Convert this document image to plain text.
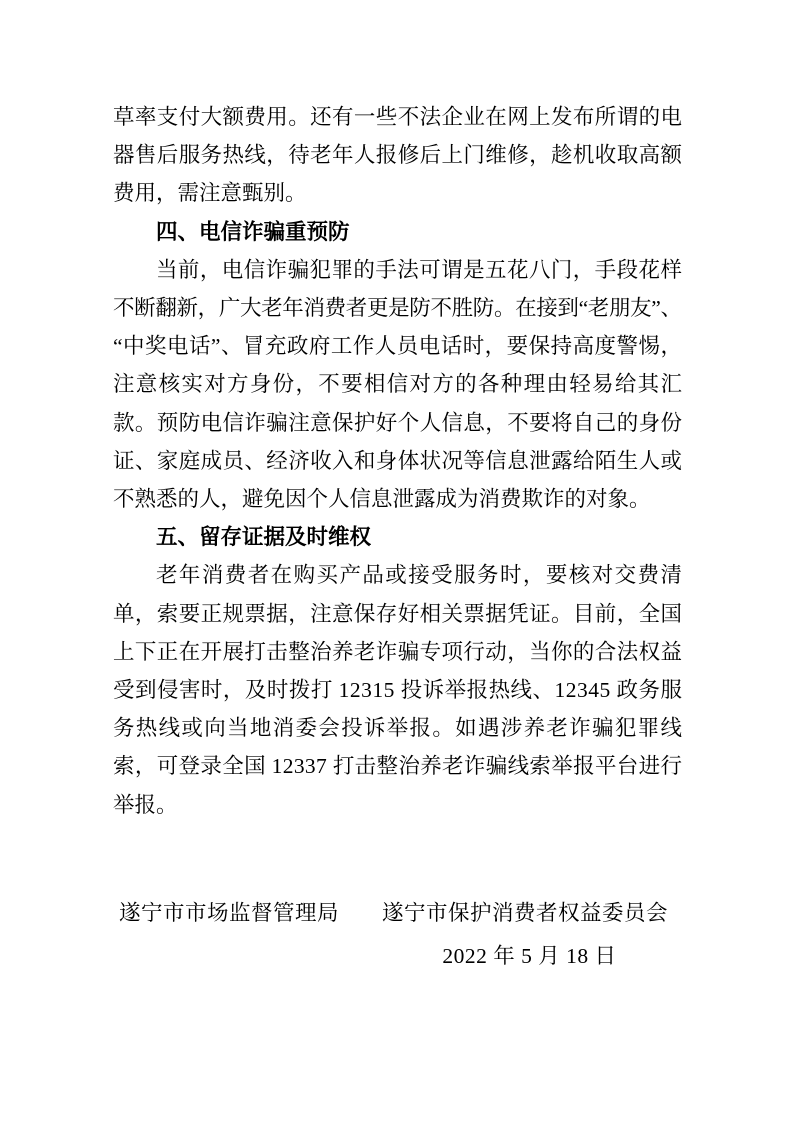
草率支付大额费用。还有一些不法企业在网上发布所谓的电
器售后服务热线，待老年人报修后上门维修，趁机收取高额
费用，需注意甄别。
四、电信诈骗重预防
当前，电信诈骗犯罪的手法可谓是五花八门，手段花样
不断翻新，广大老年消费者更是防不胜防。在接到“老朋友”、
“中奖电话”、冒充政府工作人员电话时，要保持高度警惕，
注意核实对方身份，不要相信对方的各种理由轻易给其汇
款。预防电信诈骗注意保护好个人信息，不要将自己的身份
证、家庭成员、经济收入和身体状况等信息泄露给陌生人或
不熟悉的人，避免因个人信息泄露成为消费欺诈的对象。
五、留存证据及时维权
老年消费者在购买产品或接受服务时，要核对交费清
单，索要正规票据，注意保存好相关票据凭证。目前，全国
上下正在开展打击整治养老诈骗专项行动，当你的合法权益
受到侵害时，及时拨打 12315 投诉举报热线、12345 政务服
务热线或向当地消委会投诉举报。如遇涉养老诈骗犯罪线
索，可登录全国 12337 打击整治养老诈骗线索举报平台进行
举报。
遂宁市市场监督管理局 遂宁市保护消费者权益委员会
2022 年 5 月 18 日
